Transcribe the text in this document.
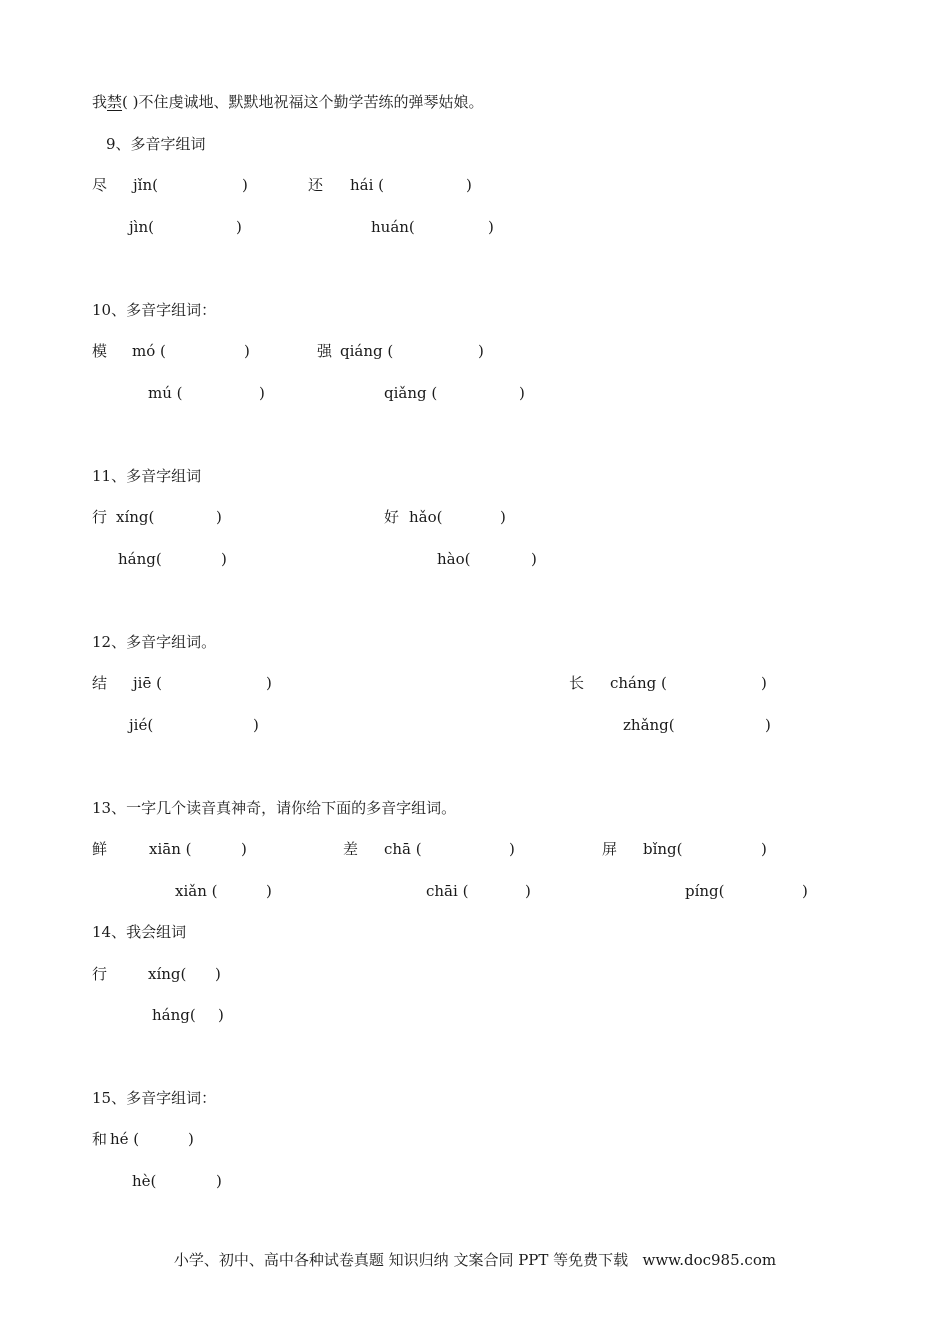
我禁( )不住虔诚地、默默地祝福这个勤学苦练的弹琴姑娘。
9、多音字组词
尽 jǐn(	)	还 hái (	)
jìn(	)	huán(	)
10、多音字组词：
模 mó (	)	强 qiáng (	)
mú (	)	qiǎng (	)
11、多音字组词
行 xíng(	)	好 hǎo(	)
háng(	)	hào(	)
12、多音字组词。
结 jiē (	)	长 cháng (	)
jié(	)	zhǎng(	)
13、一字几个读音真神奇，请你给下面的多音字组词。
鲜	xiān (	)	差 chā (	)	屏 bǐng(	)
xiǎn (	)	chāi (	)	píng(	)
14、我会组词
行	xíng( )
háng( )
15、多音字组词：
和 hé (	)
hè(	)
小学、初中、高中各种试卷真题 知识归纳 文案合同 PPT 等免费下载   www.doc985.com
